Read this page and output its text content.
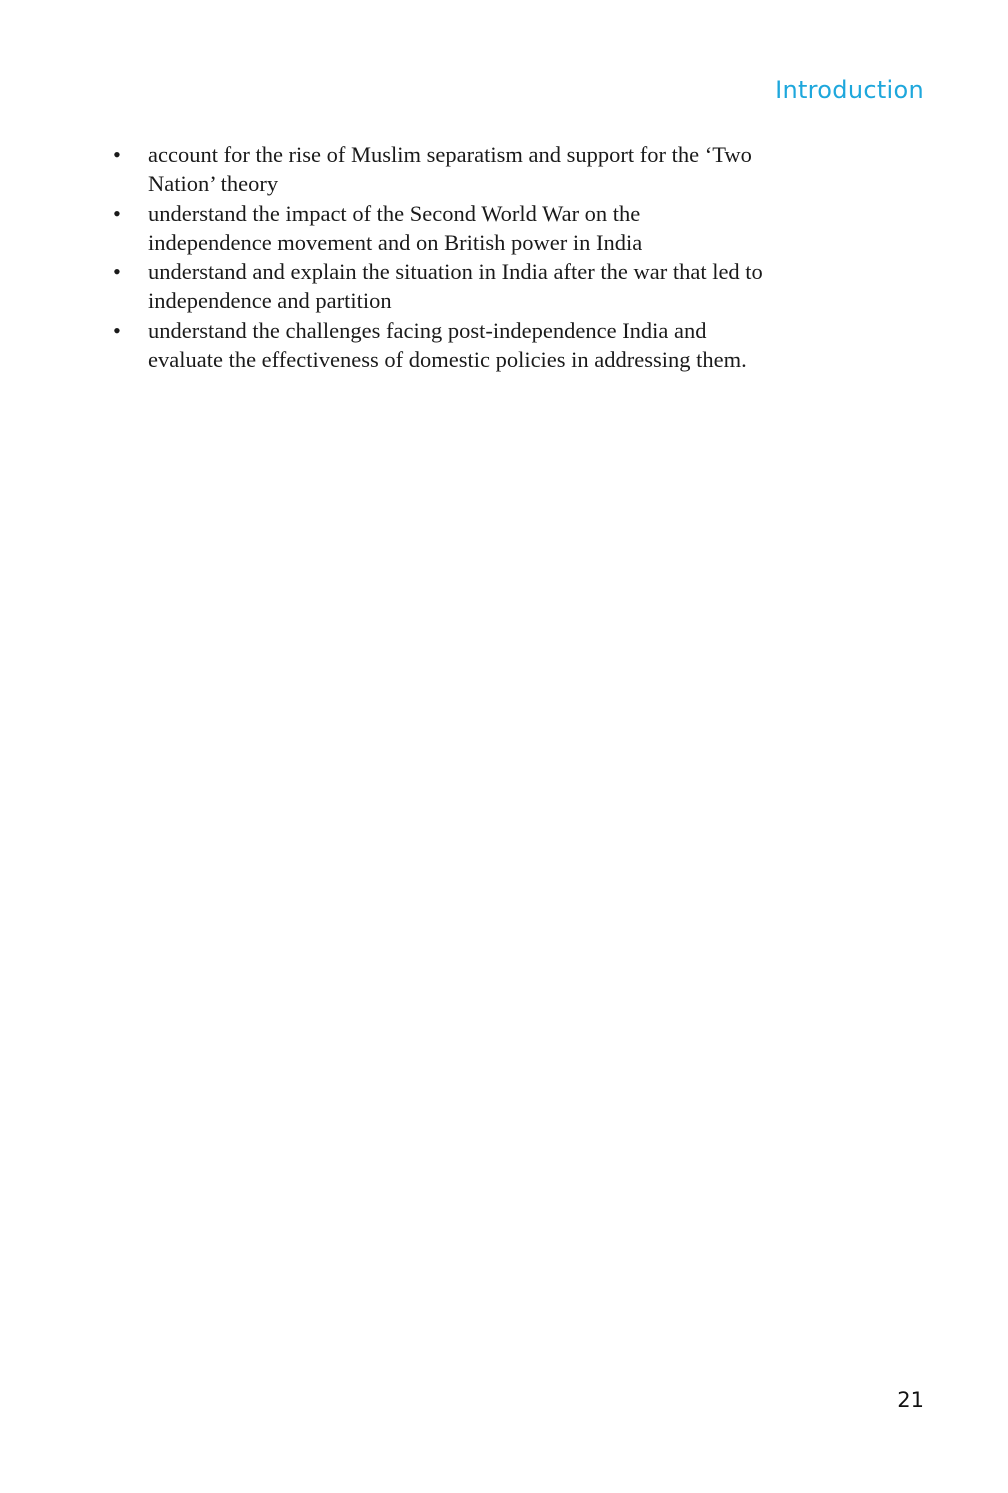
Introduction
•	account for the rise of Muslim separatism and support for the ‘Two
Nation’ theory
•	understand the impact of the Second World War on the
independence movement and on British power in India
•	understand and explain the situation in India after the war that led to
independence and partition
•	understand the challenges facing post-independence India and
evaluate the effectiveness of domestic policies in addressing them.
21
